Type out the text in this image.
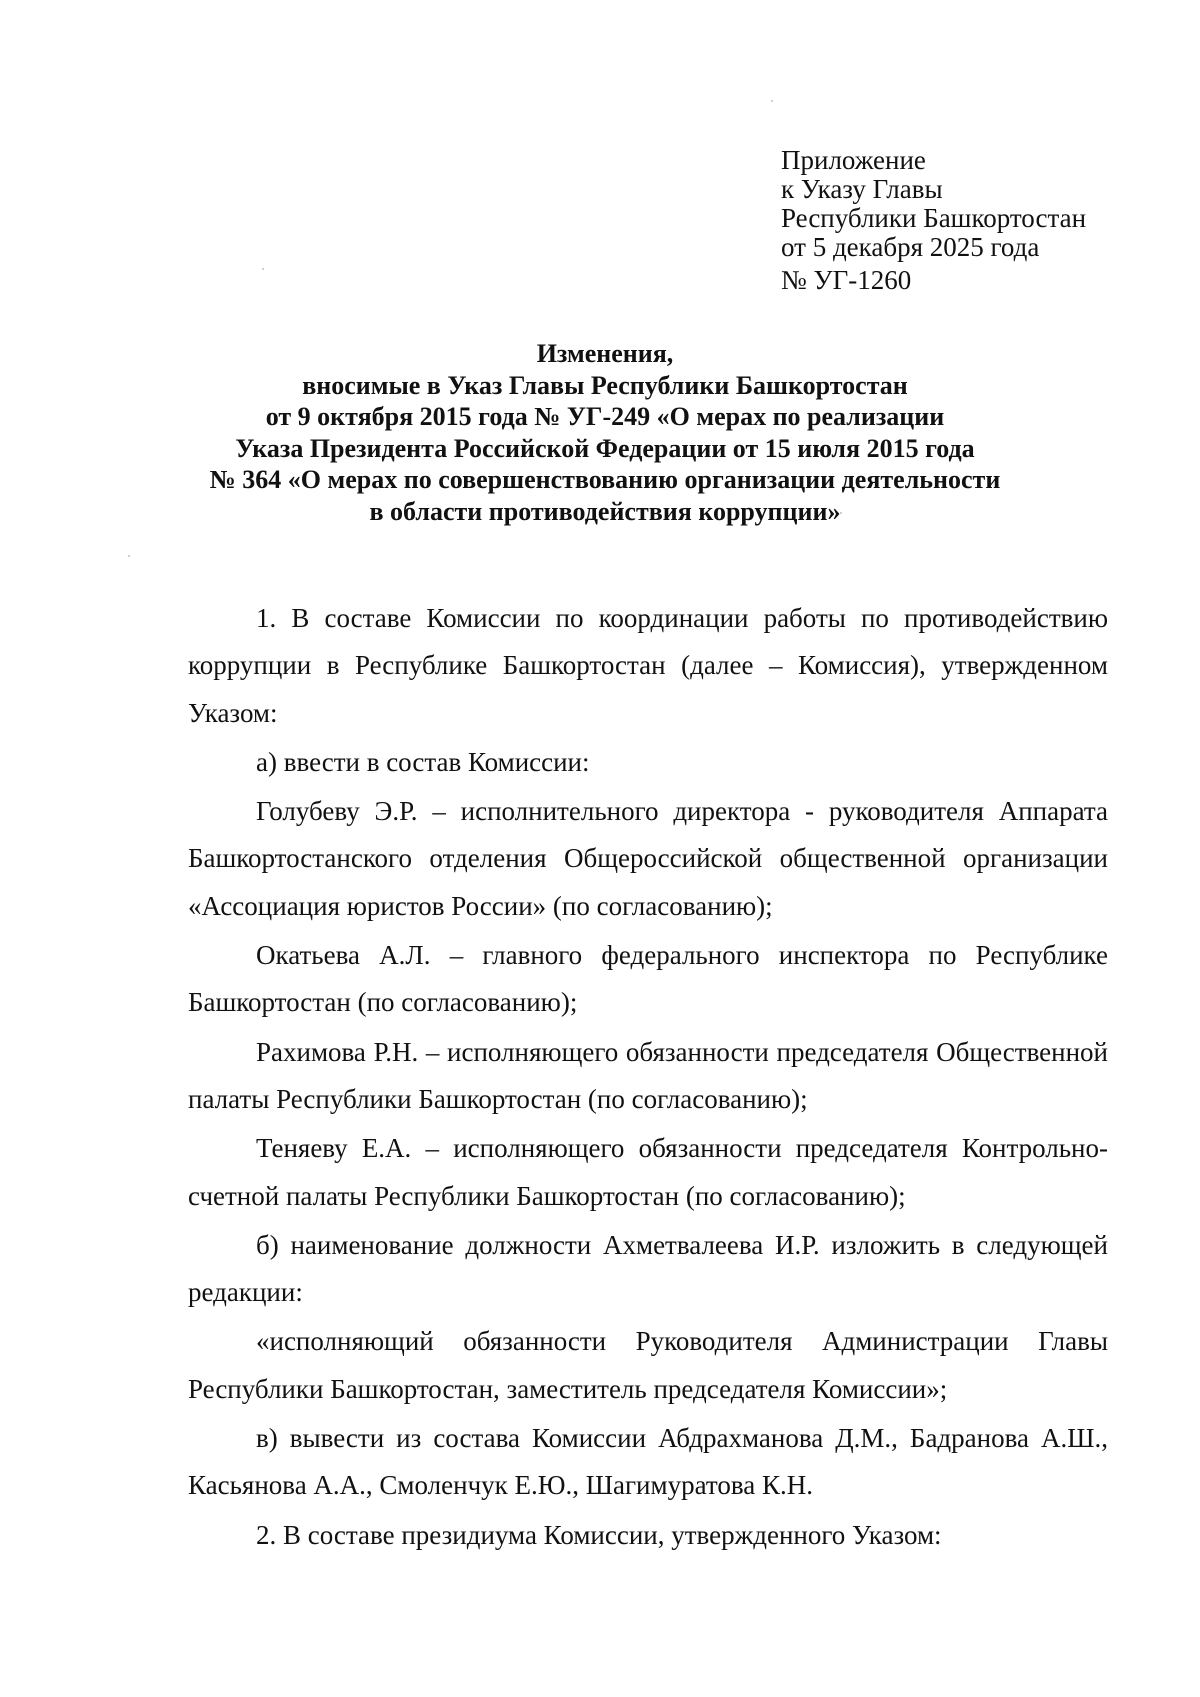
Приложение
к Указу Главы
Республики Башкортостан
от 5 декабря 2025 года
№ УГ-1260
Изменения,
вносимые в Указ Главы Республики Башкортостан
от 9 октября 2015 года № УГ-249 «О мерах по реализации
Указа Президента Российской Федерации от 15 июля 2015 года
№ 364 «О мерах по совершенствованию организации деятельности
в области противодействия коррупции»

1. В составе Комиссии по координации работы по противодействию коррупции в Республике Башкортостан (далее – Комиссия), утвержденном Указом:

а) ввести в состав Комиссии:

Голубеву Э.Р. – исполнительного директора - руководителя Аппарата Башкортостанского отделения Общероссийской общественной организации «Ассоциация юристов России» (по согласованию);

Окатьева А.Л. – главного федерального инспектора по Республике Башкортостан (по согласованию);

Рахимова Р.Н. – исполняющего обязанности председателя Общественной палаты Республики Башкортостан (по согласованию);

Теняеву Е.А. – исполняющего обязанности председателя Контрольно-счетной палаты Республики Башкортостан (по согласованию);

б) наименование должности Ахметвалеева И.Р. изложить в следующей редакции:

«исполняющий обязанности Руководителя Администрации Главы Республики Башкортостан, заместитель председателя Комиссии»;

в) вывести из состава Комиссии Абдрахманова Д.М., Бадранова А.Ш., Касьянова А.А., Смоленчук Е.Ю., Шагимуратова К.Н.

2. В составе президиума Комиссии, утвержденного Указом:
